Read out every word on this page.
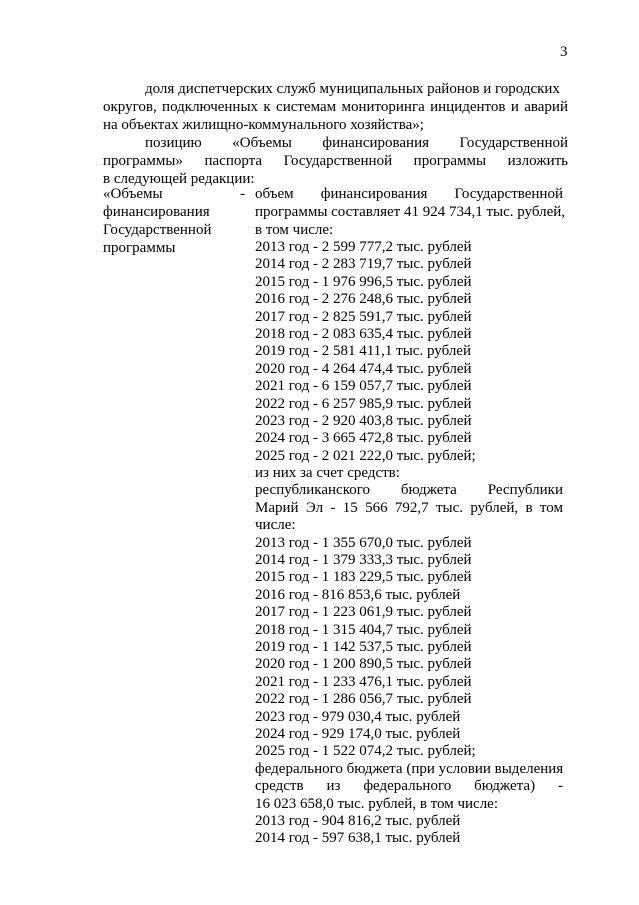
3
доля диспетчерских служб муниципальных районов и городских
округов, подключенных к системам мониторинга инцидентов и аварий
на объектах жилищно-коммунального хозяйства»;
позицию «Объемы финансирования Государственной
программы» паспорта Государственной программы изложить
в следующей редакции:
«Объемы	-
финансирования
Государственной
программы
объем финансирования Государственной
программы составляет 41 924 734,1 тыс. рублей,
в том числе:
2013 год - 2 599 777,2 тыс. рублей
2014 год - 2 283 719,7 тыс. рублей
2015 год - 1 976 996,5 тыс. рублей
2016 год - 2 276 248,6 тыс. рублей
2017 год - 2 825 591,7 тыс. рублей
2018 год - 2 083 635,4 тыс. рублей
2019 год - 2 581 411,1 тыс. рублей
2020 год - 4 264 474,4 тыс. рублей
2021 год - 6 159 057,7 тыс. рублей
2022 год - 6 257 985,9 тыс. рублей
2023 год - 2 920 403,8 тыс. рублей
2024 год - 3 665 472,8 тыс. рублей
2025 год - 2 021 222,0 тыс. рублей;
из них за счет средств:
республиканского бюджета Республики
Марий Эл - 15 566 792,7 тыс. рублей, в том
числе:
2013 год - 1 355 670,0 тыс. рублей
2014 год - 1 379 333,3 тыс. рублей
2015 год - 1 183 229,5 тыс. рублей
2016 год - 816 853,6 тыс. рублей
2017 год - 1 223 061,9 тыс. рублей
2018 год - 1 315 404,7 тыс. рублей
2019 год - 1 142 537,5 тыс. рублей
2020 год - 1 200 890,5 тыс. рублей
2021 год - 1 233 476,1 тыс. рублей
2022 год - 1 286 056,7 тыс. рублей
2023 год - 979 030,4 тыс. рублей
2024 год - 929 174,0 тыс. рублей
2025 год - 1 522 074,2 тыс. рублей;
федерального бюджета (при условии выделения
средств из федерального бюджета) -
16 023 658,0 тыс. рублей, в том числе:
2013 год - 904 816,2 тыс. рублей
2014 год - 597 638,1 тыс. рублей
